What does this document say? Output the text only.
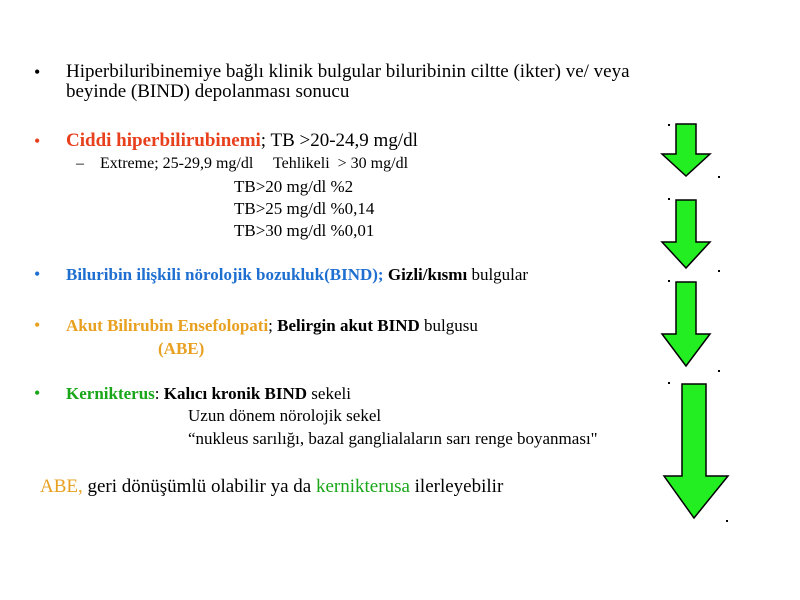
• Hiperbiluribinemiye bağlı klinik bulgular biluribinin ciltte (ikter) ve/ veya
beyinde (BIND) depolanması sonucu
• Ciddi hiperbilirubinemi; TB >20-24,9 mg/dl
– Extreme; 25-29,9 mg/dl     Tehlikeli  > 30 mg/dl
TB>20 mg/dl %2
TB>25 mg/dl %0,14
TB>30 mg/dl %0,01
• Biluribin ilişkili nörolojik bozukluk(BIND); Gizli/kısmı bulgular
• Akut Bilirubin Ensefolopati; Belirgin akut BIND bulgusu
(ABE)
• Kernikterus: Kalıcı kronik BIND sekeli
Uzun dönem nörolojik sekel
“nukleus sarılığı, bazal ganglialaların sarı renge boyanması"
ABE, geri dönüşümlü olabilir ya da kernikterusa ilerleyebilir
